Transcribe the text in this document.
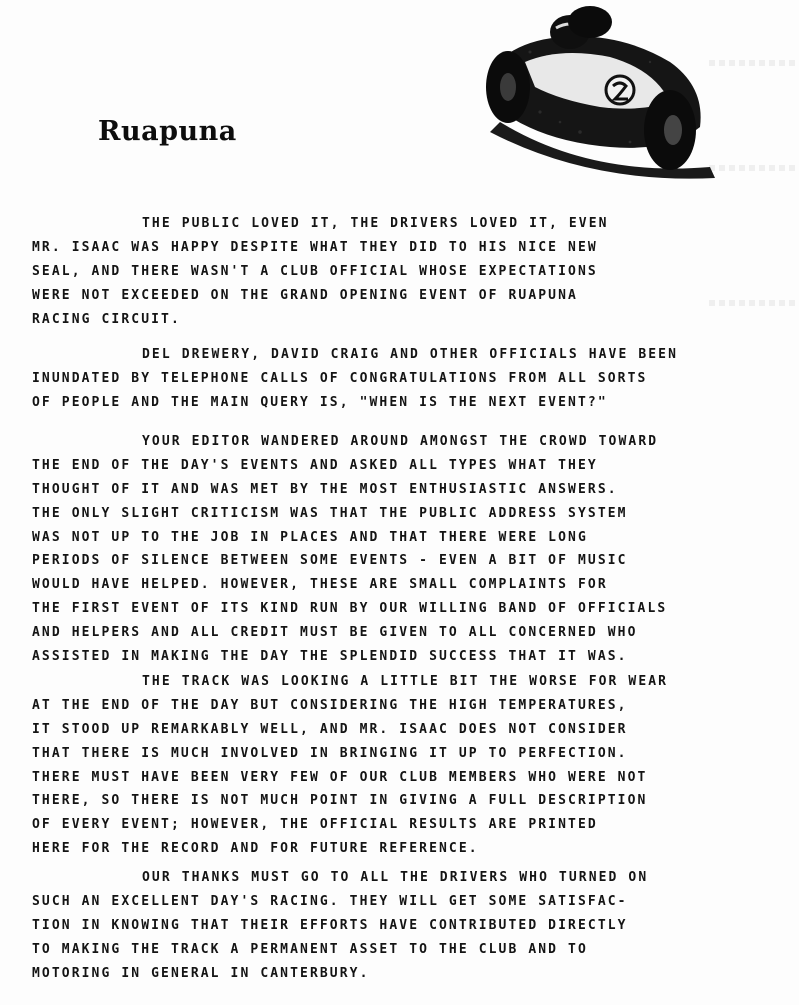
Ruapuna
THE PUBLIC LOVED IT, THE DRIVERS LOVED IT, EVEN
MR. ISAAC WAS HAPPY DESPITE WHAT THEY DID TO HIS NICE NEW
SEAL, AND THERE WASN'T A CLUB OFFICIAL WHOSE EXPECTATIONS
WERE NOT EXCEEDED ON THE GRAND OPENING EVENT OF RUAPUNA
RACING CIRCUIT.
DEL DREWERY, DAVID CRAIG AND OTHER OFFICIALS HAVE BEEN
INUNDATED BY TELEPHONE CALLS OF CONGRATULATIONS FROM ALL SORTS
OF PEOPLE AND THE MAIN QUERY IS, "WHEN IS THE NEXT EVENT?"
YOUR EDITOR WANDERED AROUND AMONGST THE CROWD TOWARD
THE END OF THE DAY'S EVENTS AND ASKED ALL TYPES WHAT THEY
THOUGHT OF IT AND WAS MET BY THE MOST ENTHUSIASTIC ANSWERS.
THE ONLY SLIGHT CRITICISM WAS THAT THE PUBLIC ADDRESS SYSTEM
WAS NOT UP TO THE JOB IN PLACES AND THAT THERE WERE LONG
PERIODS OF SILENCE BETWEEN SOME EVENTS - EVEN A BIT OF MUSIC
WOULD HAVE HELPED. HOWEVER, THESE ARE SMALL COMPLAINTS FOR
THE FIRST EVENT OF ITS KIND RUN BY OUR WILLING BAND OF OFFICIALS
AND HELPERS AND ALL CREDIT MUST BE GIVEN TO ALL CONCERNED WHO
ASSISTED IN MAKING THE DAY THE SPLENDID SUCCESS THAT IT WAS.
THE TRACK WAS LOOKING A LITTLE BIT THE WORSE FOR WEAR
AT THE END OF THE DAY BUT CONSIDERING THE HIGH TEMPERATURES,
IT STOOD UP REMARKABLY WELL, AND MR. ISAAC DOES NOT CONSIDER
THAT THERE IS MUCH INVOLVED IN BRINGING IT UP TO PERFECTION.
THERE MUST HAVE BEEN VERY FEW OF OUR CLUB MEMBERS WHO WERE NOT
THERE, SO THERE IS NOT MUCH POINT IN GIVING A FULL DESCRIPTION
OF EVERY EVENT; HOWEVER, THE OFFICIAL RESULTS ARE PRINTED
HERE FOR THE RECORD AND FOR FUTURE REFERENCE.
OUR THANKS MUST GO TO ALL THE DRIVERS WHO TURNED ON
SUCH AN EXCELLENT DAY'S RACING. THEY WILL GET SOME SATISFAC-
TION IN KNOWING THAT THEIR EFFORTS HAVE CONTRIBUTED DIRECTLY
TO MAKING THE TRACK A PERMANENT ASSET TO THE CLUB AND TO
MOTORING IN GENERAL IN CANTERBURY.
